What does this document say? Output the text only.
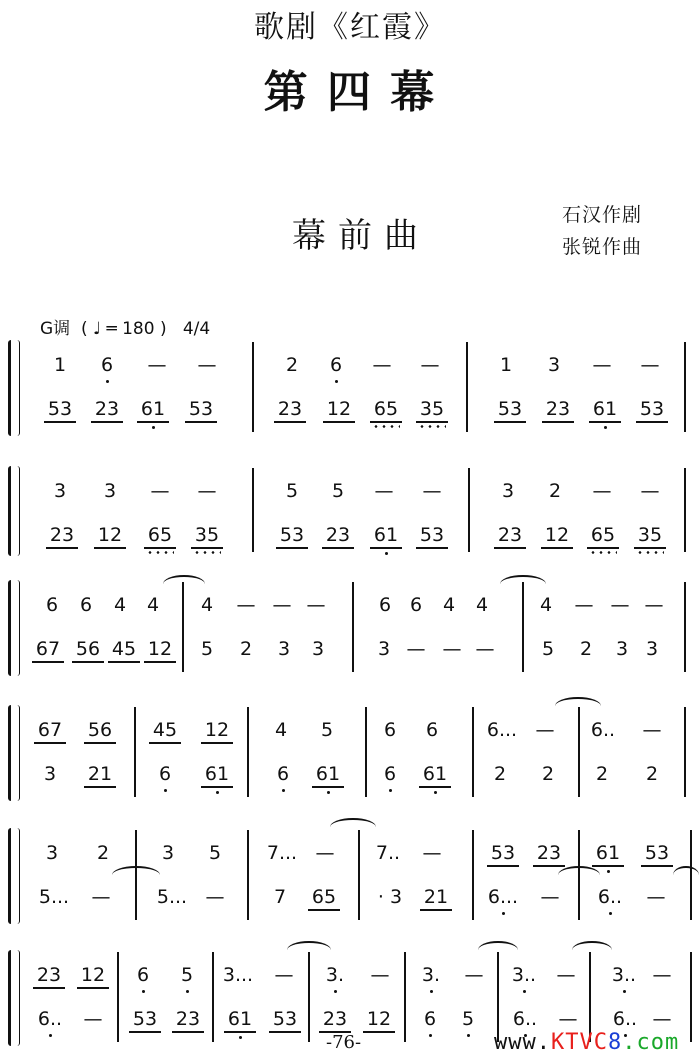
歌剧《红霞》
第 四 幕
幕前曲
石汉作剧
张锐作曲
G调 ( ♩ ═ 180 ) 4/4
1	6	—	—	2	6	—	—	1	3	—	—
53	23	61	53	23	12	65	35	53	23	61	53
3	3	—	—	5	5	—	—	3	2	—	—
23	12	65	35	53	23	61	53	23	12	65	35
6	6	4	4	4	— — —	6 6	4	4	4	— — —
67 56 45 12	5	2	3	3	3 — — —	5	2	3 3
67	56	45	12	4	5	6	6	6... —	6..	—
3	21	6	61	6	61	6	61	2	2	2	2
3	2	3	5	7... —	7..	—	53	23	61	53
5...	—	5... —	7	65	· 3	21	6...	—	6..	—
23	12	6	5	3...	—	3.	—	3.	—	3..	—	3.. —
6..	—	53 23	61	53	23	12	6	5	6..	—	6.. —
-76-	www.KTVC8.com
